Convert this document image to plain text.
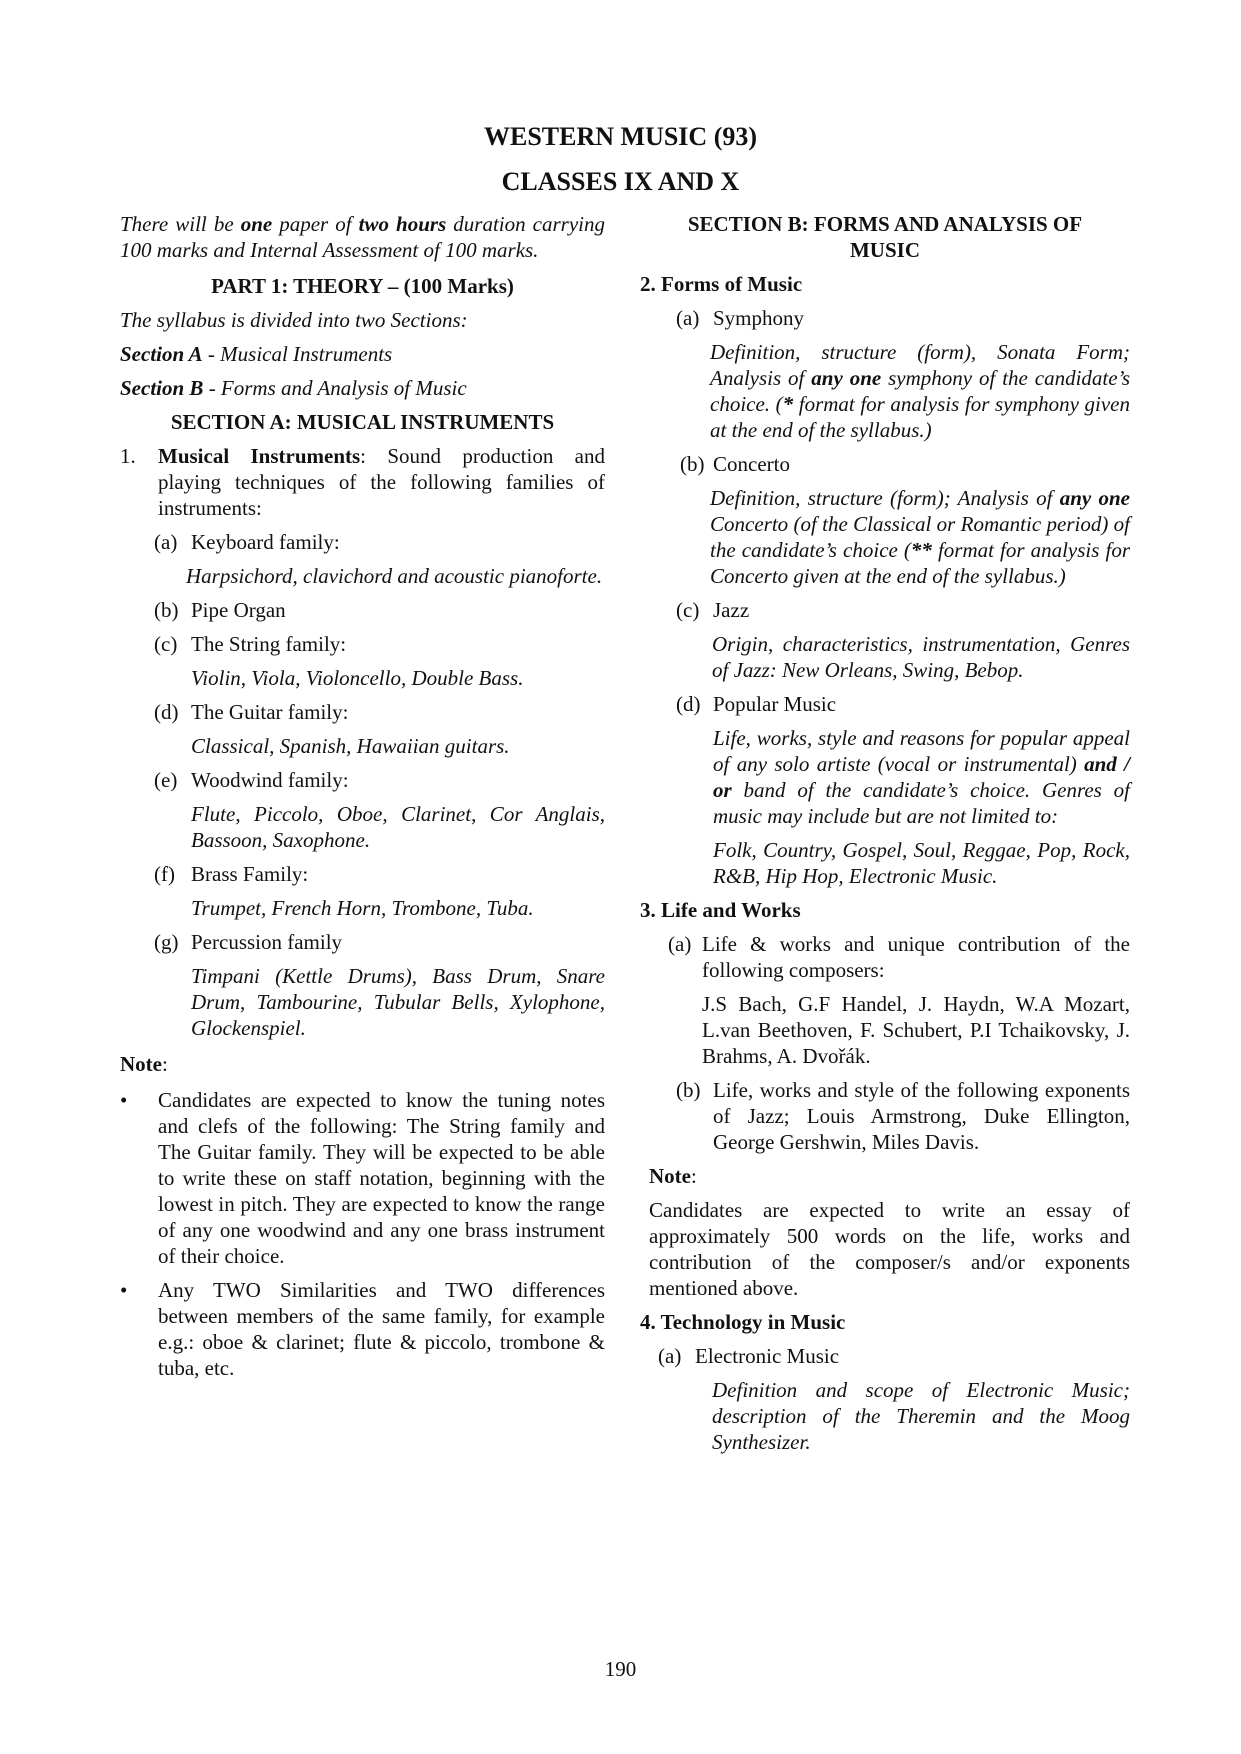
WESTERN MUSIC (93)
CLASSES IX AND X

There will be one paper of two hours duration carrying 100 marks and Internal Assessment of 100 marks.

PART 1: THEORY – (100 Marks)

The syllabus is divided into two Sections:

Section A - Musical Instruments

Section B - Forms and Analysis of Music

SECTION A: MUSICAL INSTRUMENTS

1.	Musical Instruments: Sound production and playing techniques of the following families of instruments:
(a) Keyboard family:

Harpsichord, clavichord and acoustic pianoforte.

(b) Pipe Organ
(c) The String family:

Violin, Viola, Violoncello, Double Bass.

(d) The Guitar family:

Classical, Spanish, Hawaiian guitars.

(e) Woodwind family:

Flute, Piccolo, Oboe, Clarinet, Cor Anglais, Bassoon, Saxophone.

(f) Brass Family:

Trumpet, French Horn, Trombone, Tuba.

(g) Percussion family

Timpani (Kettle Drums), Bass Drum, Snare Drum, Tambourine, Tubular Bells, Xylophone, Glockenspiel.

Note:

•	Candidates are expected to know the tuning notes and clefs of the following: The String family and The Guitar family. They will be expected to be able to write these on staff notation, beginning with the lowest in pitch. They are expected to know the range of any one woodwind and any one brass instrument of their choice.
•	Any TWO Similarities and TWO differences between members of the same family, for example e.g.: oboe & clarinet; flute & piccolo, trombone & tuba, etc.

SECTION B: FORMS AND ANALYSIS OF MUSIC

2. Forms of Music

(a) Symphony

Definition, structure (form), Sonata Form; Analysis of any one symphony of the candidate’s choice. (* format for analysis for symphony given at the end of the syllabus.)

(b) Concerto

Definition, structure (form); Analysis of any one Concerto (of the Classical or Romantic period) of the candidate’s choice (** format for analysis for Concerto given at the end of the syllabus.)

(c) Jazz

Origin, characteristics, instrumentation, Genres of Jazz: New Orleans, Swing, Bebop.

(d) Popular Music

Life, works, style and reasons for popular appeal of any solo artiste (vocal or instrumental) and / or band of the candidate’s choice. Genres of music may include but are not limited to:

Folk, Country, Gospel, Soul, Reggae, Pop, Rock, R&B, Hip Hop, Electronic Music.

3. Life and Works

(a) Life & works and unique contribution of the following composers:

J.S Bach, G.F Handel, J. Haydn, W.A Mozart, L.van Beethoven, F. Schubert, P.I Tchaikovsky, J. Brahms, A. Dvořák.

(b) Life, works and style of the following exponents of Jazz; Louis Armstrong, Duke Ellington, George Gershwin, Miles Davis.

Note:

Candidates are expected to write an essay of approximately 500 words on the life, works and contribution of the composer/s and/or exponents mentioned above.

4. Technology in Music

(a) Electronic Music

Definition and scope of Electronic Music; description of the Theremin and the Moog Synthesizer.

190
